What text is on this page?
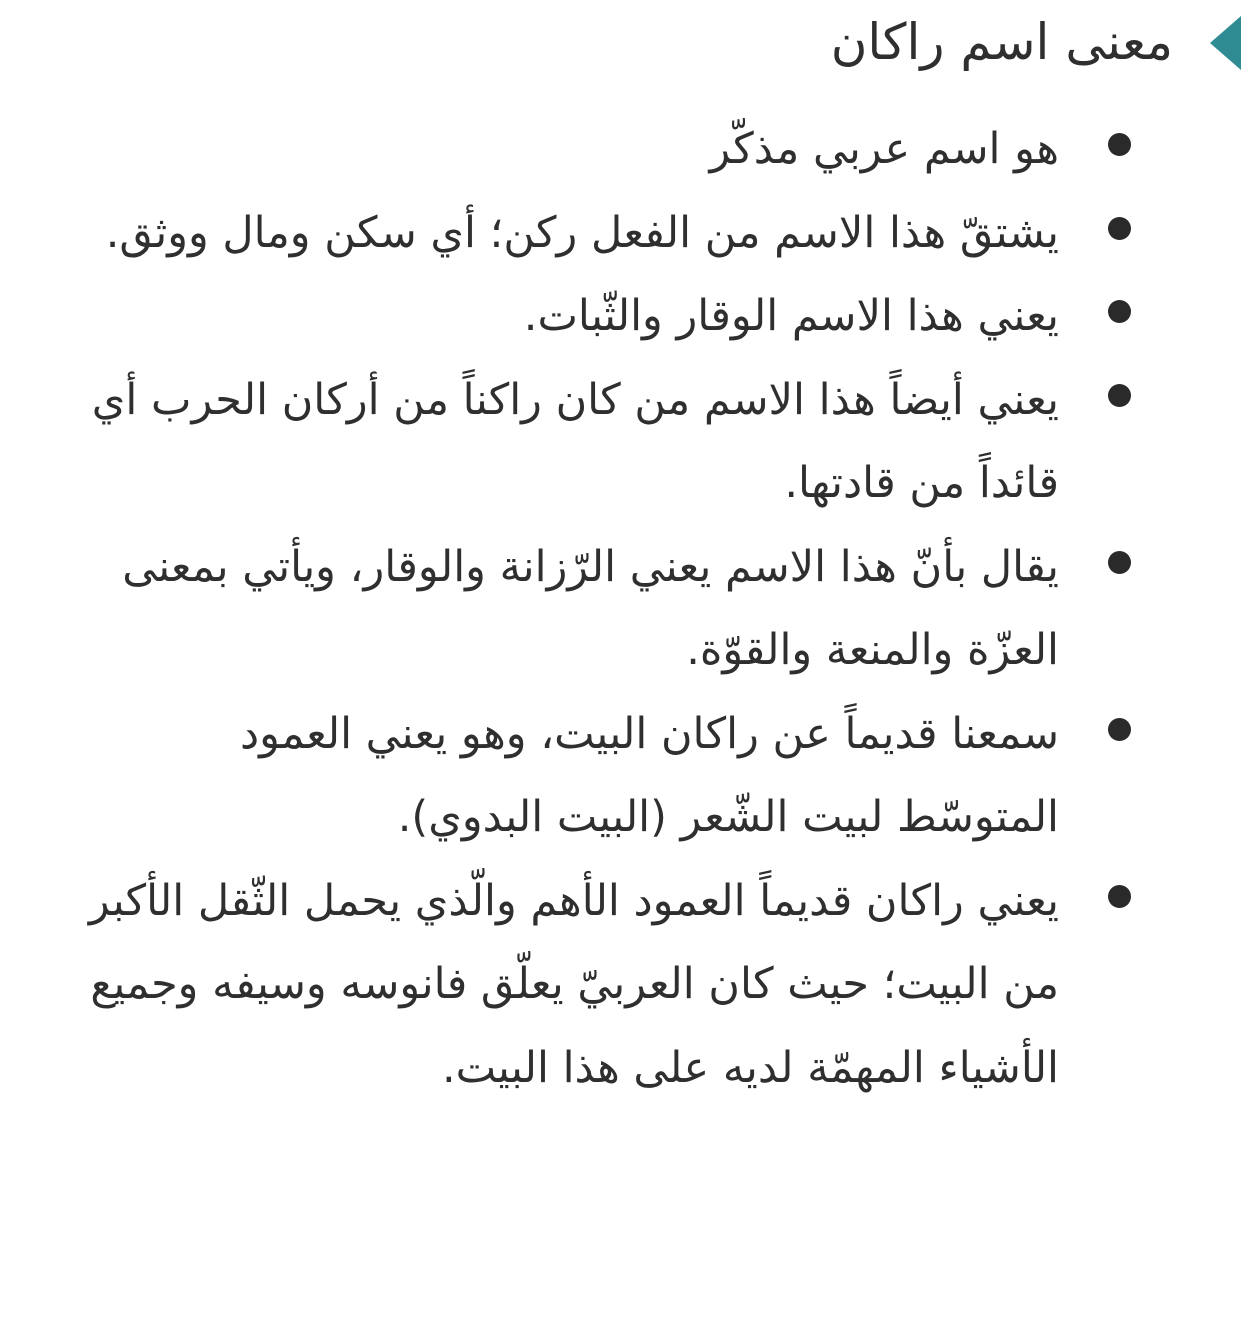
معنى اسم راكان
هو اسم عربي مذكّر
يشتقّ هذا الاسم من الفعل ركن؛ أي سكن ومال ووثق.
يعني هذا الاسم الوقار والثّبات.
يعني أيضاً هذا الاسم من كان راكناً من أركان الحرب أي قائداً من قادتها.
يقال بأنّ هذا الاسم يعني الرّزانة والوقار، ويأتي بمعنى العزّة والمنعة والقوّة.
سمعنا قديماً عن راكان البيت، وهو يعني العمود المتوسّط لبيت الشّعر (البيت البدوي).
يعني راكان قديماً العمود الأهم والّذي يحمل الثّقل الأكبر من البيت؛ حيث كان العربيّ يعلّق فانوسه وسيفه وجميع الأشياء المهمّة لديه على هذا البيت.
